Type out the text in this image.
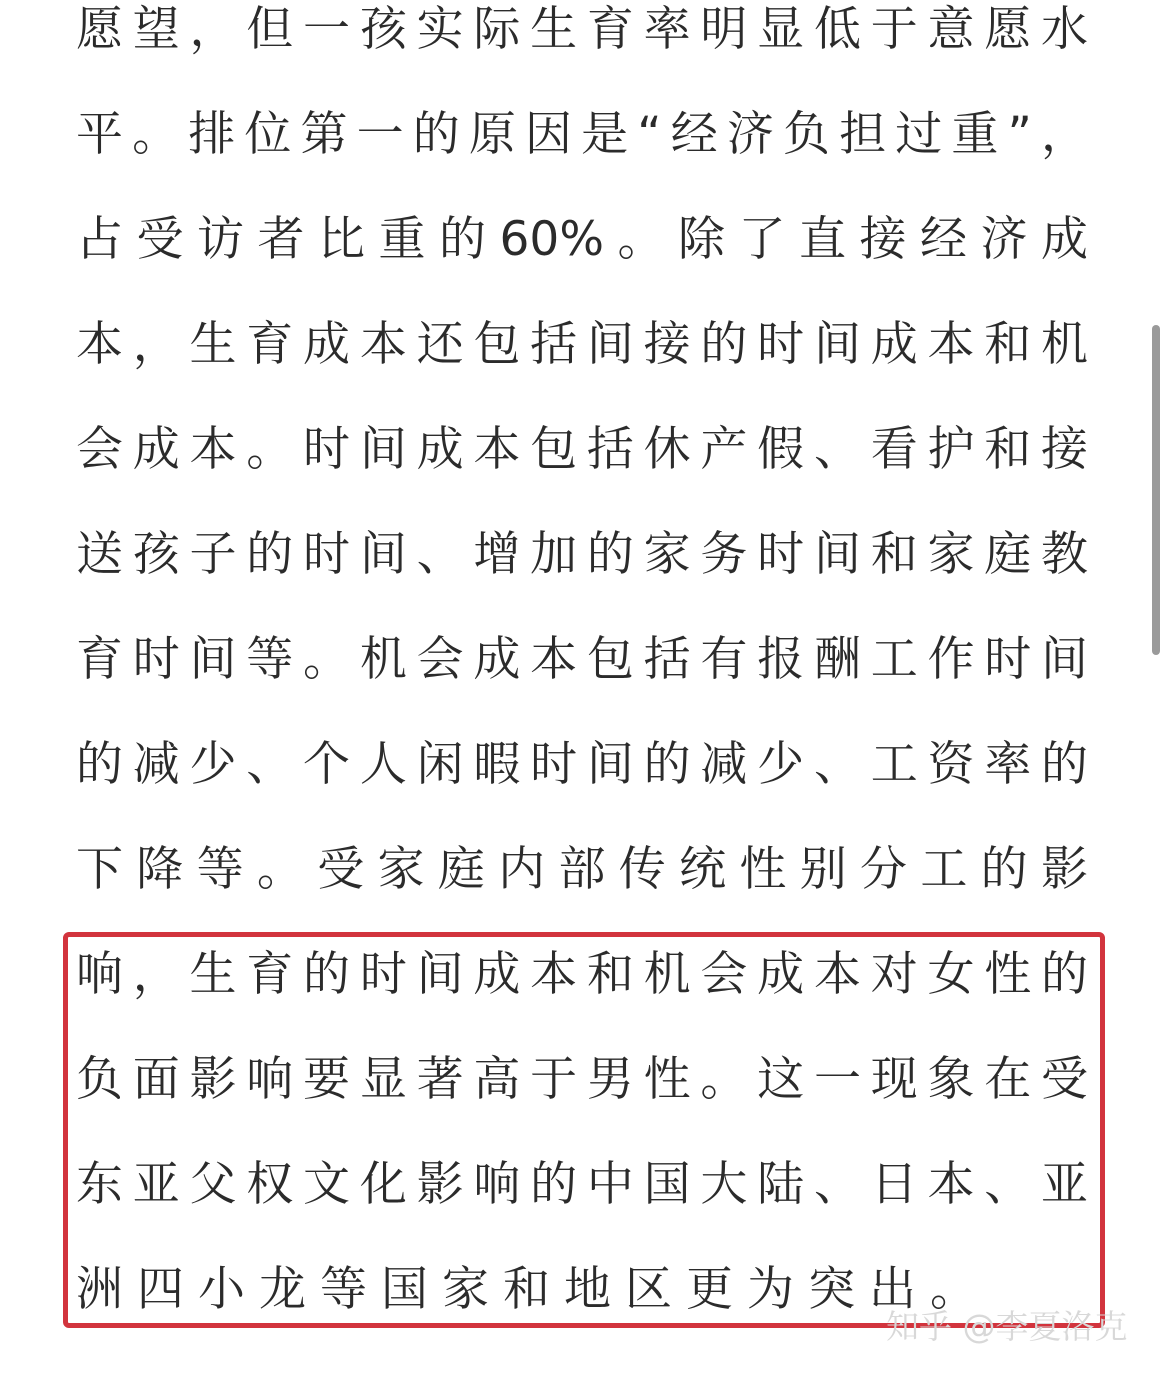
愿望，但一孩实际生育率明显低于意愿水
平。排位第一的原因是“经济负担过重”，
占受访者比重的60%。除了直接经济成
本，生育成本还包括间接的时间成本和机
会成本。时间成本包括休产假、看护和接
送孩子的时间、增加的家务时间和家庭教
育时间等。机会成本包括有报酬工作时间
的减少、个人闲暇时间的减少、工资率的
下降等。受家庭内部传统性别分工的影
响，生育的时间成本和机会成本对女性的
负面影响要显著高于男性。这一现象在受
东亚父权文化影响的中国大陆、日本、亚
洲四小龙等国家和地区更为突出。
知乎 @李夏洛克
